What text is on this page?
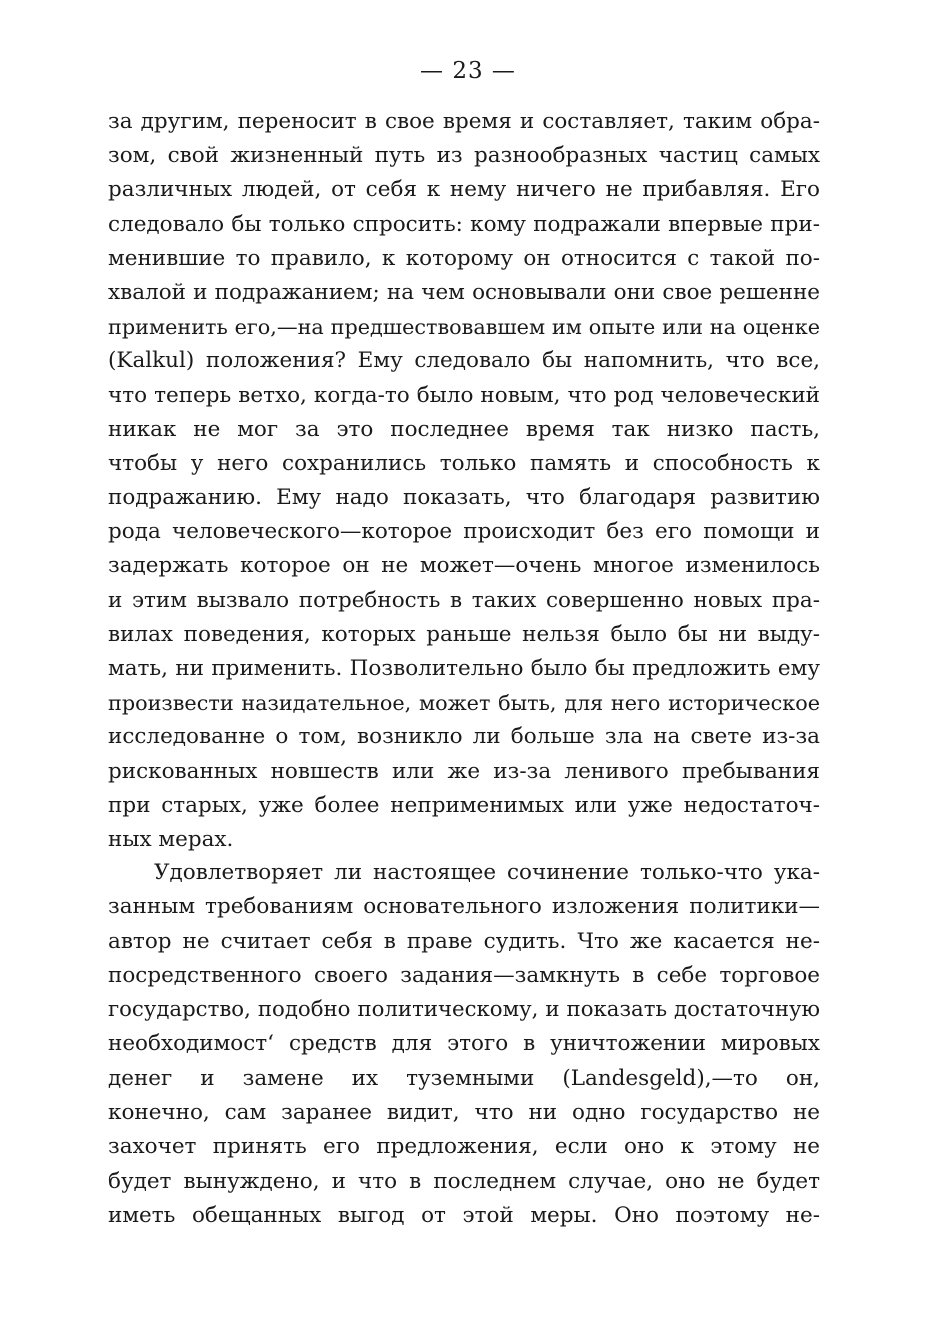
— 23 —
за другим, переносит в свое время и составляет, таким обра-
зом, свой жизненный путь из разнообразных частиц самых
различных людей, от себя к нему ничего не прибавляя. Его
следовало бы только спросить: кому подражали впервые при-
менившие то правило, к которому он относится с такой по-
хвалой и подражанием; на чем основывали они свое решенне
применить его,—на предшествовавшем им опыте или на оценке
(Kalkul) положения? Ему следовало бы напомнить, что все,
что теперь ветхо, когда-то было новым, что род человеческий
никак не мог за это последнее время так низко пасть,
чтобы у него сохранились только память и способность к
подражанию. Ему надо показать, что благодаря развитию
рода человеческого—которое происходит без его помощи и
задержать которое он не может—очень многое изменилось
и этим вызвало потребность в таких совершенно новых пра-
вилах поведения, которых раньше нельзя было бы ни выду-
мать, ни применить. Позволительно было бы предложить ему
произвести назидательное, может быть, для него историческое
исследованне о том, возникло ли больше зла на свете из-за
рискованных новшеств или же из-за ленивого пребывания
при старых, уже более неприменимых или уже недостаточ-
ных мерах.
Удовлетворяет ли настоящее сочинение только-что ука-
занным требованиям основательного изложения политики—
автор не считает себя в праве судить. Что же касается не-
посредственного своего задания—замкнуть в себе торговое
государство, подобно политическому, и показать достаточную
необходимост‘ средств для этого в уничтожении мировых
денег и замене их туземными (Landesgeld),—то он,
конечно, сам заранее видит, что ни одно государство не
захочет принять его предложения, если оно к этому не
будет вынуждено, и что в последнем случае, оно не будет
иметь обещанных выгод от этой меры. Оно поэтому не-
